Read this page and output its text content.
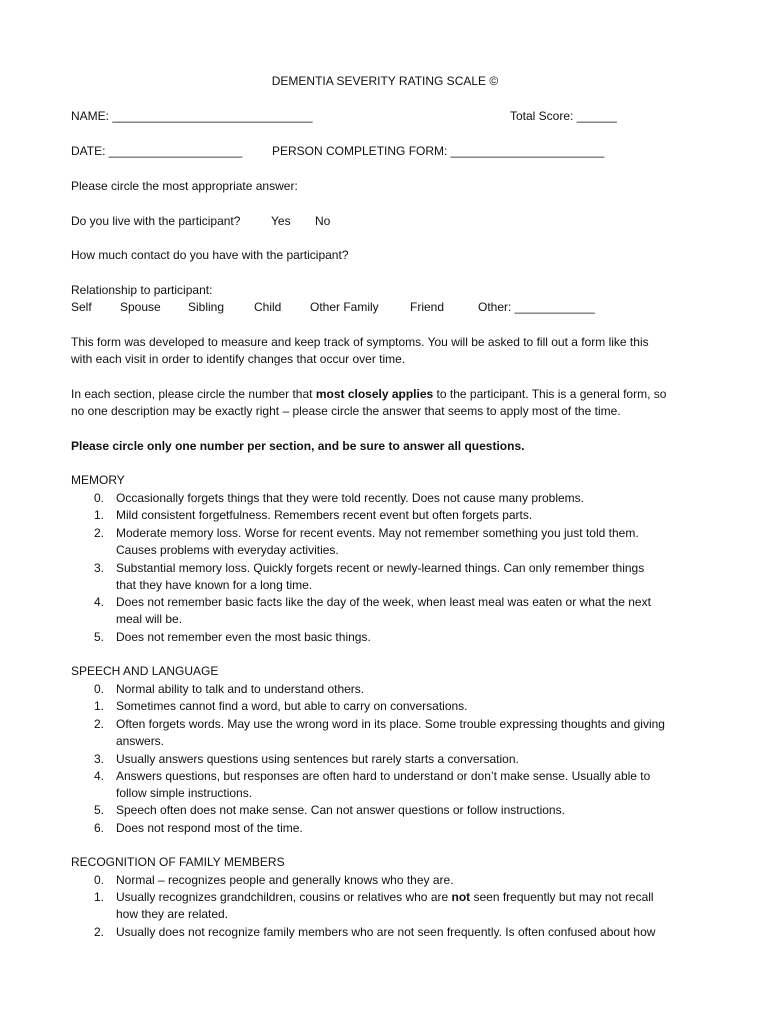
DEMENTIA SEVERITY RATING SCALE ©
NAME: ______________________________	Total Score: ______
DATE: ____________________ PERSON COMPLETING FORM: _______________________
Please circle the most appropriate answer:
Do you live with the participant?	Yes No
How much contact do you have with the participant?
Relationship to participant:
Self Spouse Sibling Child Other Family	Friend	Other: ____________
This form was developed to measure and keep track of symptoms. You will be asked to fill out a form like this
with each visit in order to identify changes that occur over time.
In each section, please circle the number that most closely applies to the participant. This is a general form, so
no one description may be exactly right – please circle the answer that seems to apply most of the time.
Please circle only one number per section, and be sure to answer all questions.
MEMORY
0. Occasionally forgets things that they were told recently. Does not cause many problems.
1. Mild consistent forgetfulness. Remembers recent event but often forgets parts.
2. Moderate memory loss. Worse for recent events. May not remember something you just told them.
Causes problems with everyday activities.
3. Substantial memory loss. Quickly forgets recent or newly-learned things. Can only remember things
that they have known for a long time.
4. Does not remember basic facts like the day of the week, when least meal was eaten or what the next
meal will be.
5. Does not remember even the most basic things.
SPEECH AND LANGUAGE
0. Normal ability to talk and to understand others.
1. Sometimes cannot find a word, but able to carry on conversations.
2. Often forgets words. May use the wrong word in its place. Some trouble expressing thoughts and giving
answers.
3. Usually answers questions using sentences but rarely starts a conversation.
4. Answers questions, but responses are often hard to understand or don’t make sense. Usually able to
follow simple instructions.
5. Speech often does not make sense. Can not answer questions or follow instructions.
6. Does not respond most of the time.
RECOGNITION OF FAMILY MEMBERS
0. Normal – recognizes people and generally knows who they are.
1. Usually recognizes grandchildren, cousins or relatives who are not seen frequently but may not recall
how they are related.
2. Usually does not recognize family members who are not seen frequently. Is often confused about how
